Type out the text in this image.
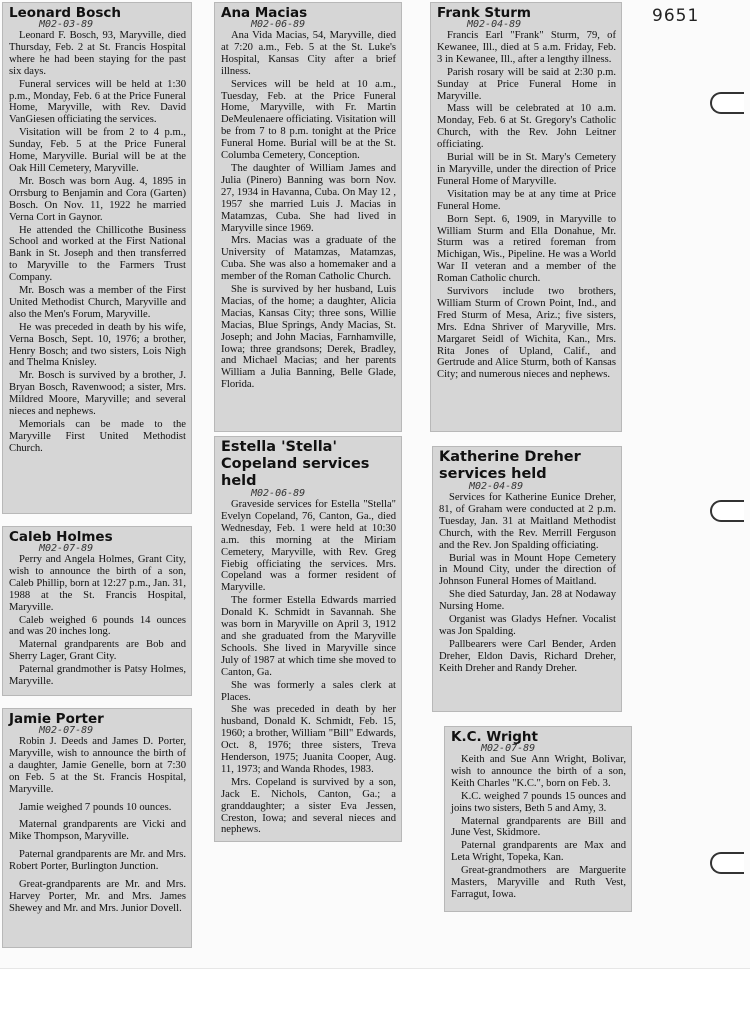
9651
Leonard Bosch
M02-03-89

Leonard F. Bosch, 93, Maryville, died Thursday, Feb. 2 at St. Francis Hospital where he had been staying for the past six days.

Funeral services will be held at 1:30 p.m., Monday, Feb. 6 at the Price Funeral Home, Maryville, with Rev. David VanGiesen officiating the services.

Visitation will be from 2 to 4 p.m., Sunday, Feb. 5 at the Price Funeral Home, Maryville. Burial will be at the Oak Hill Cemetery, Maryville.

Mr. Bosch was born Aug. 4, 1895 in Orrsburg to Benjamin and Cora (Garten) Bosch. On Nov. 11, 1922 he married Verna Cort in Gaynor.

He attended the Chillicothe Business School and worked at the First National Bank in St. Joseph and then transferred to Maryville to the Farmers Trust Company.

Mr. Bosch was a member of the First United Methodist Church, Maryville and also the Men's Forum, Maryville.

He was preceded in death by his wife, Verna Bosch, Sept. 10, 1976; a brother, Henry Bosch; and two sisters, Lois Nigh and Thelma Knisley.

Mr. Bosch is survived by a brother, J. Bryan Bosch, Ravenwood; a sister, Mrs. Mildred Moore, Maryville; and several nieces and nephews.

Memorials can be made to the Maryville First United Methodist Church.

Caleb Holmes
M02-07-89

Perry and Angela Holmes, Grant City, wish to announce the birth of a son, Caleb Phillip, born at 12:27 p.m., Jan. 31, 1988 at the St. Francis Hospital, Maryville.

Caleb weighed 6 pounds 14 ounces and was 20 inches long.

Maternal grandparents are Bob and Sherry Lager, Grant City.

Paternal grandmother is Patsy Holmes, Maryville.

Jamie Porter
M02-07-89

Robin J. Deeds and James D. Porter, Maryville, wish to announce the birth of a daughter, Jamie Genelle, born at 7:30 on Feb. 5 at the St. Francis Hospital, Maryville.

Jamie weighed 7 pounds 10 ounces.

Maternal grandparents are Vicki and Mike Thompson, Maryville.

Paternal grandparents are Mr. and Mrs. Robert Porter, Burlington Junction.

Great-grandparents are Mr. and Mrs. Harvey Porter, Mr. and Mrs. James Shewey and Mr. and Mrs. Junior Dovell.

Ana Macias
M02-06-89

Ana Vida Macias, 54, Maryville, died at 7:20 a.m., Feb. 5 at the St. Luke's Hospital, Kansas City after a brief illness.

Services will be held at 10 a.m., Tuesday, Feb. at the Price Funeral Home, Maryville, with Fr. Martin DeMeulenaere officiating. Visitation will be from 7 to 8 p.m. tonight at the Price Funeral Home. Burial will be at the St. Columba Cemetery, Conception.

The daughter of William James and Julia (Pinero) Banning was born Nov. 27, 1934 in Havanna, Cuba. On May 12 , 1957 she married Luis J. Macias in Matamzas, Cuba. She had lived in Maryville since 1969.

Mrs. Macias was a graduate of the University of Matamzas, Matamzas, Cuba. She was also a homemaker and a member of the Roman Catholic Church.

She is survived by her husband, Luis Macias, of the home; a daughter, Alicia Macias, Kansas City; three sons, Willie Macias, Blue Springs, Andy Macias, St. Joseph; and John Macias, Farnhamville, Iowa; three grandsons; Derek, Bradley, and Michael Macias; and her parents William a Julia Banning, Belle Glade, Florida.

Estella 'Stella' Copeland services held
M02-06-89

Graveside services for Estella "Stella" Evelyn Copeland, 76, Canton, Ga., died Wednesday, Feb. 1 were held at 10:30 a.m. this morning at the Miriam Cemetery, Maryville, with Rev. Greg Fiebig officiating the services. Mrs. Copeland was a former resident of Maryville.

The former Estella Edwards married Donald K. Schmidt in Savannah. She was born in Maryville on April 3, 1912 and she graduated from the Maryville Schools. She lived in Maryville since July of 1987 at which time she moved to Canton, Ga.

She was formerly a sales clerk at Places.

She was preceded in death by her husband, Donald K. Schmidt, Feb. 15, 1960; a brother, William "Bill" Edwards, Oct. 8, 1976; three sisters, Treva Henderson, 1975; Juanita Cooper, Aug. 11, 1973; and Wanda Rhodes, 1983.

Mrs. Copeland is survived by a son, Jack E. Nichols, Canton, Ga.; a granddaughter; a sister Eva Jessen, Creston, Iowa; and several nieces and nephews.

Frank Sturm
M02-04-89

Francis Earl "Frank" Sturm, 79, of Kewanee, Ill., died at 5 a.m. Friday, Feb. 3 in Kewanee, Ill., after a lengthy illness.

Parish rosary will be said at 2:30 p.m. Sunday at Price Funeral Home in Maryville.

Mass will be celebrated at 10 a.m. Monday, Feb. 6 at St. Gregory's Catholic Church, with the Rev. John Leitner officiating.

Burial will be in St. Mary's Cemetery in Maryville, under the direction of Price Funeral Home of Maryville.

Visitation may be at any time at Price Funeral Home.

Born Sept. 6, 1909, in Maryville to William Sturm and Ella Donahue, Mr. Sturm was a retired foreman from Michigan, Wis., Pipeline. He was a World War II veteran and a member of the Roman Catholic church.

Survivors include two brothers, William Sturm of Crown Point, Ind., and Fred Sturm of Mesa, Ariz.; five sisters, Mrs. Edna Shriver of Maryville, Mrs. Margaret Seidl of Wichita, Kan., Mrs. Rita Jones of Upland, Calif., and Gertrude and Alice Sturm, both of Kansas City; and numerous nieces and nephews.

Katherine Dreher services held
M02-04-89

Services for Katherine Eunice Dreher, 81, of Graham were conducted at 2 p.m. Tuesday, Jan. 31 at Maitland Methodist Church, with the Rev. Merrill Ferguson and the Rev. Jon Spalding officiating.

Burial was in Mount Hope Cemetery in Mound City, under the direction of Johnson Funeral Homes of Maitland.

She died Saturday, Jan. 28 at Nodaway Nursing Home.

Organist was Gladys Hefner. Vocalist was Jon Spalding.

Pallbearers were Carl Bender, Arden Dreher, Eldon Davis, Richard Dreher, Keith Dreher and Randy Dreher.

K.C. Wright
M02-07-89

Keith and Sue Ann Wright, Bolivar, wish to announce the birth of a son, Keith Charles "K.C.", born on Feb. 3.

K.C. weighed 7 pounds 15 ounces and joins two sisters, Beth 5 and Amy, 3.

Maternal grandparents are Bill and June Vest, Skidmore.

Paternal grandparents are Max and Leta Wright, Topeka, Kan.

Great-grandmothers are Marguerite Masters, Maryville and Ruth Vest, Farragut, Iowa.
